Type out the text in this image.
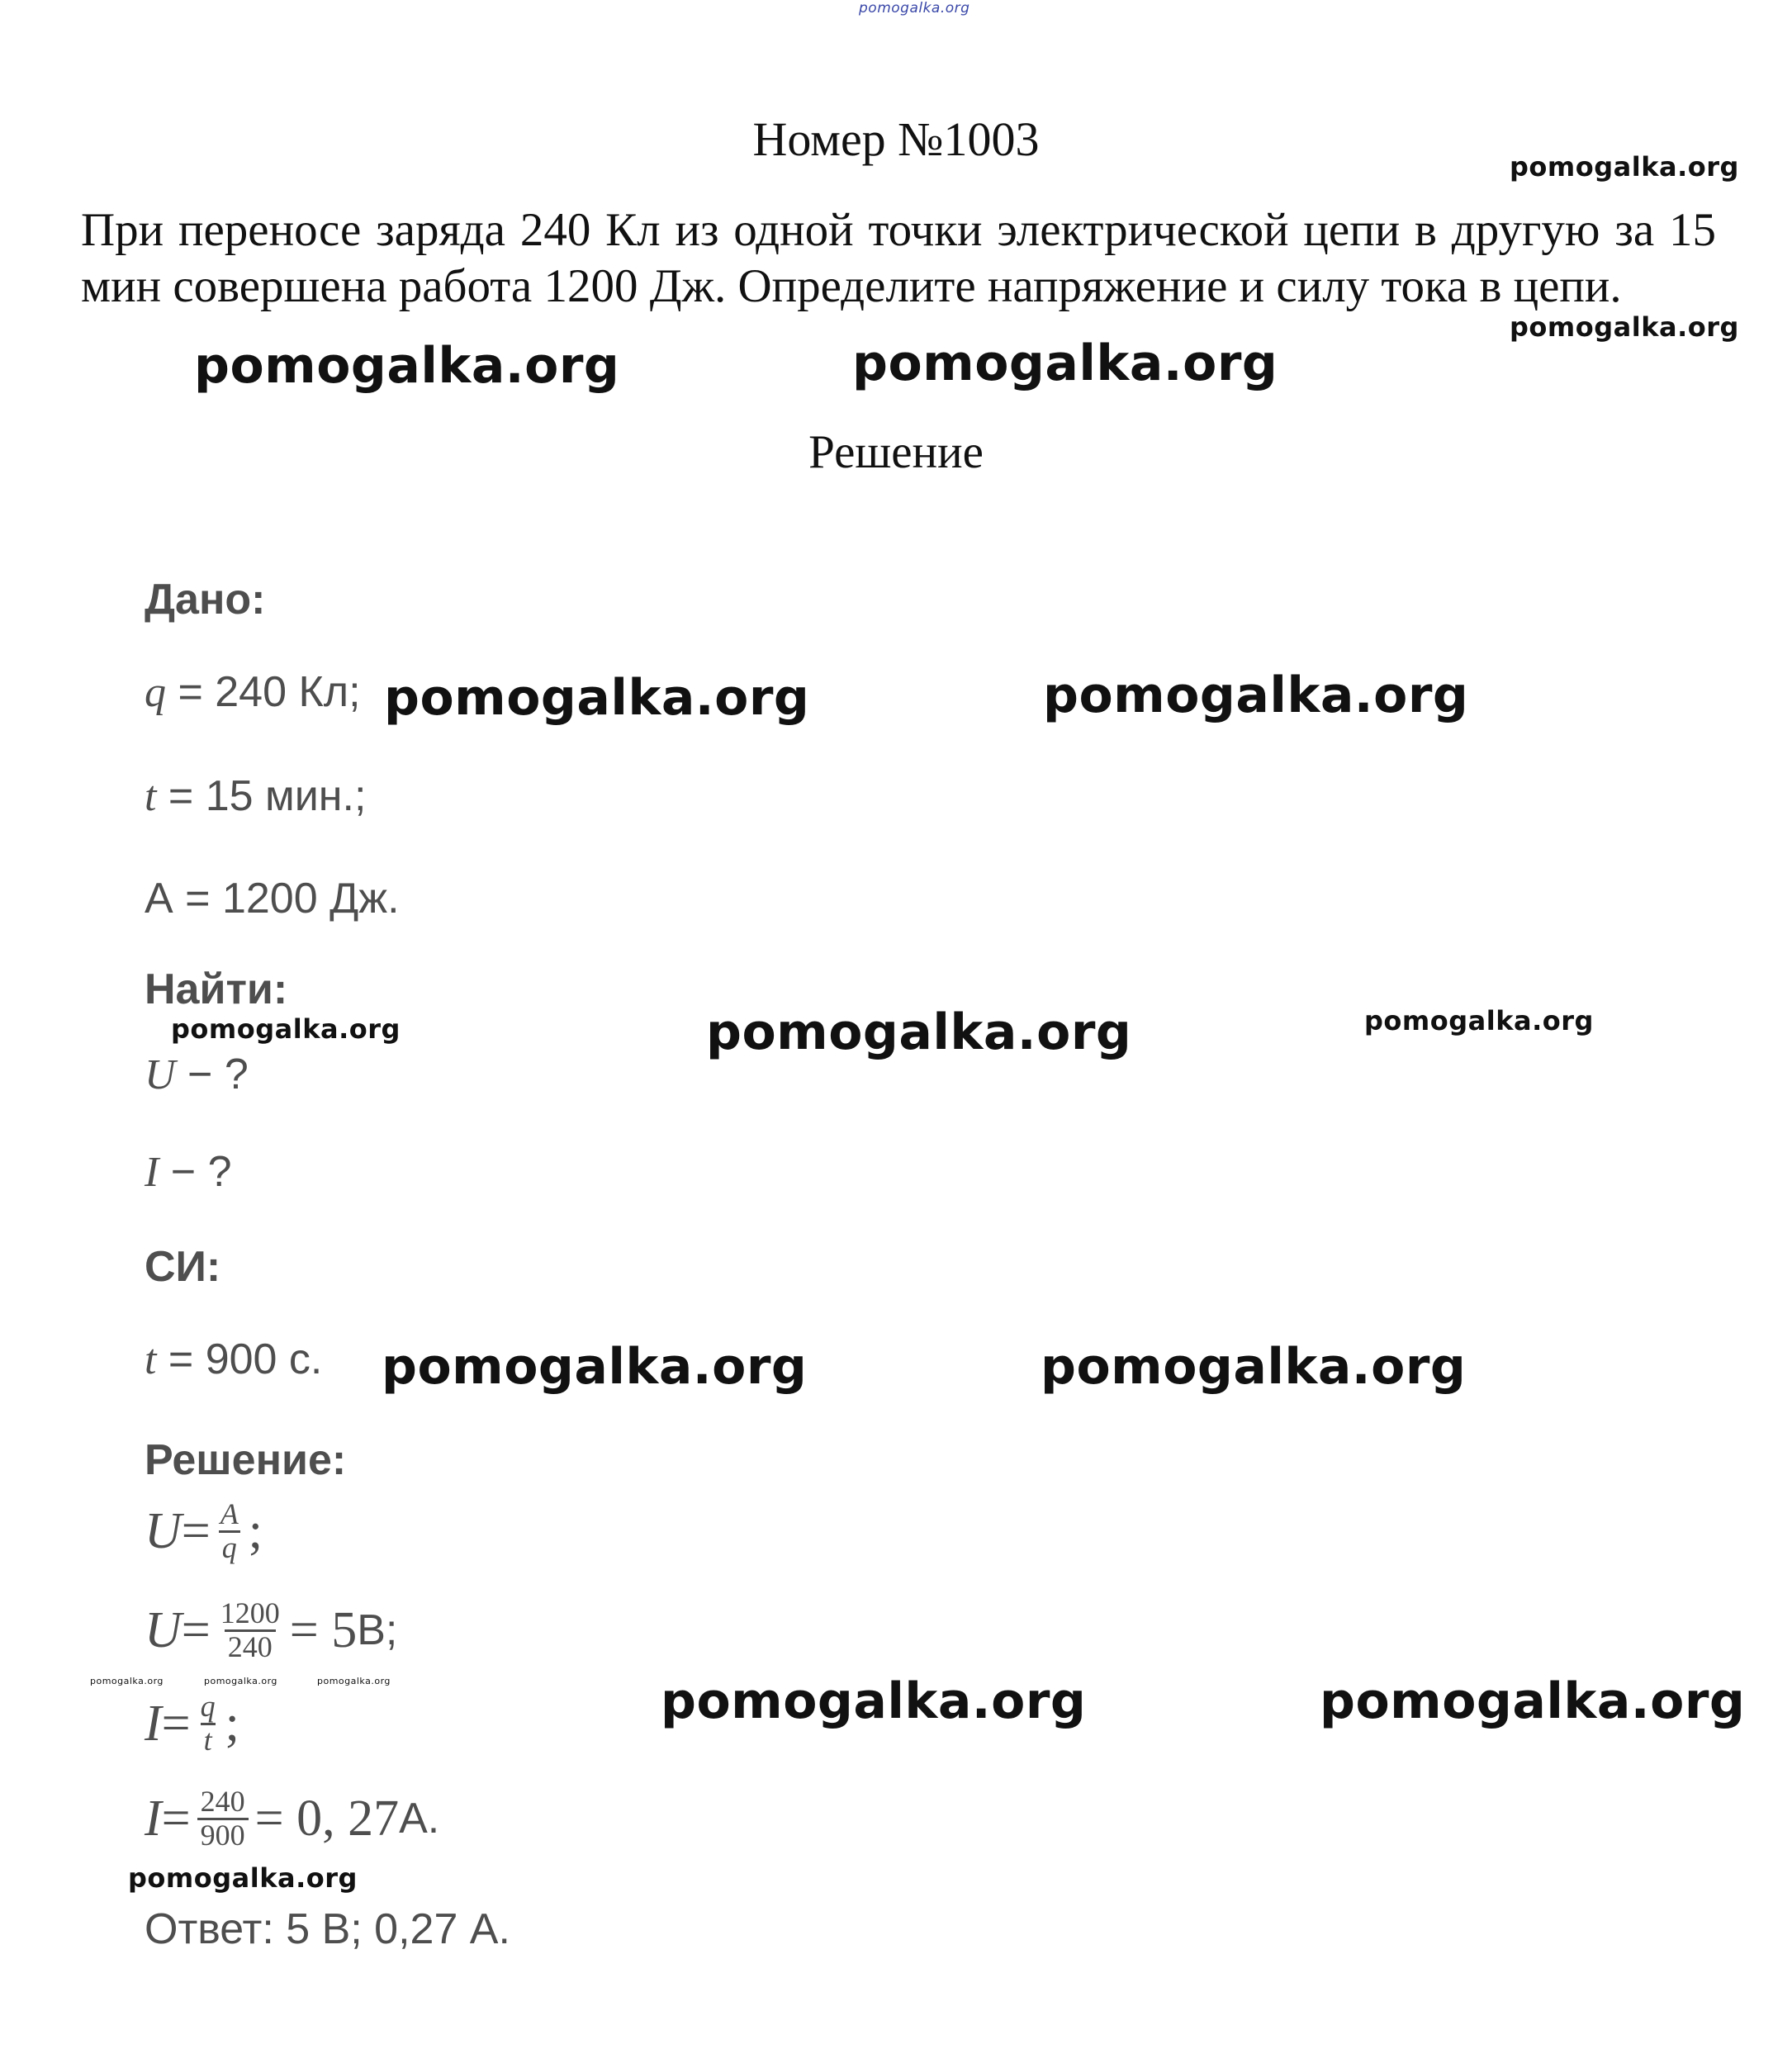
pomogalka.org
pomogalka.org
pomogalka.org
pomogalka.org	pomogalka.org
pomogalka.org	pomogalka.org
pomogalka.org	pomogalka.org	pomogalka.org
pomogalka.org	pomogalka.org
pomogalka.org	pomogalka.org	pomogalka.org	pomogalka.org	pomogalka.org
pomogalka.org
Номер №1003
При переносе заряда 240 Кл из одной точки электрической цепи в другую за 15 мин совершена работа 1200 Дж. Определите напряжение и силу тока в цепи.
Решение
Дано:
q = 240 Кл;
t = 15 мин.;
А = 1200 Дж.
Найти:
U − ?
I − ?
СИ:
t = 900 с.
Решение:
$U = \frac{A}{q}$ ;
$U = \frac{1200}{240} = 5$ В;
$I = \frac{q}{t}$ ;
$I = \frac{240}{900} = 0$, 27 А.
Ответ: 5 В; 0,27 А.
